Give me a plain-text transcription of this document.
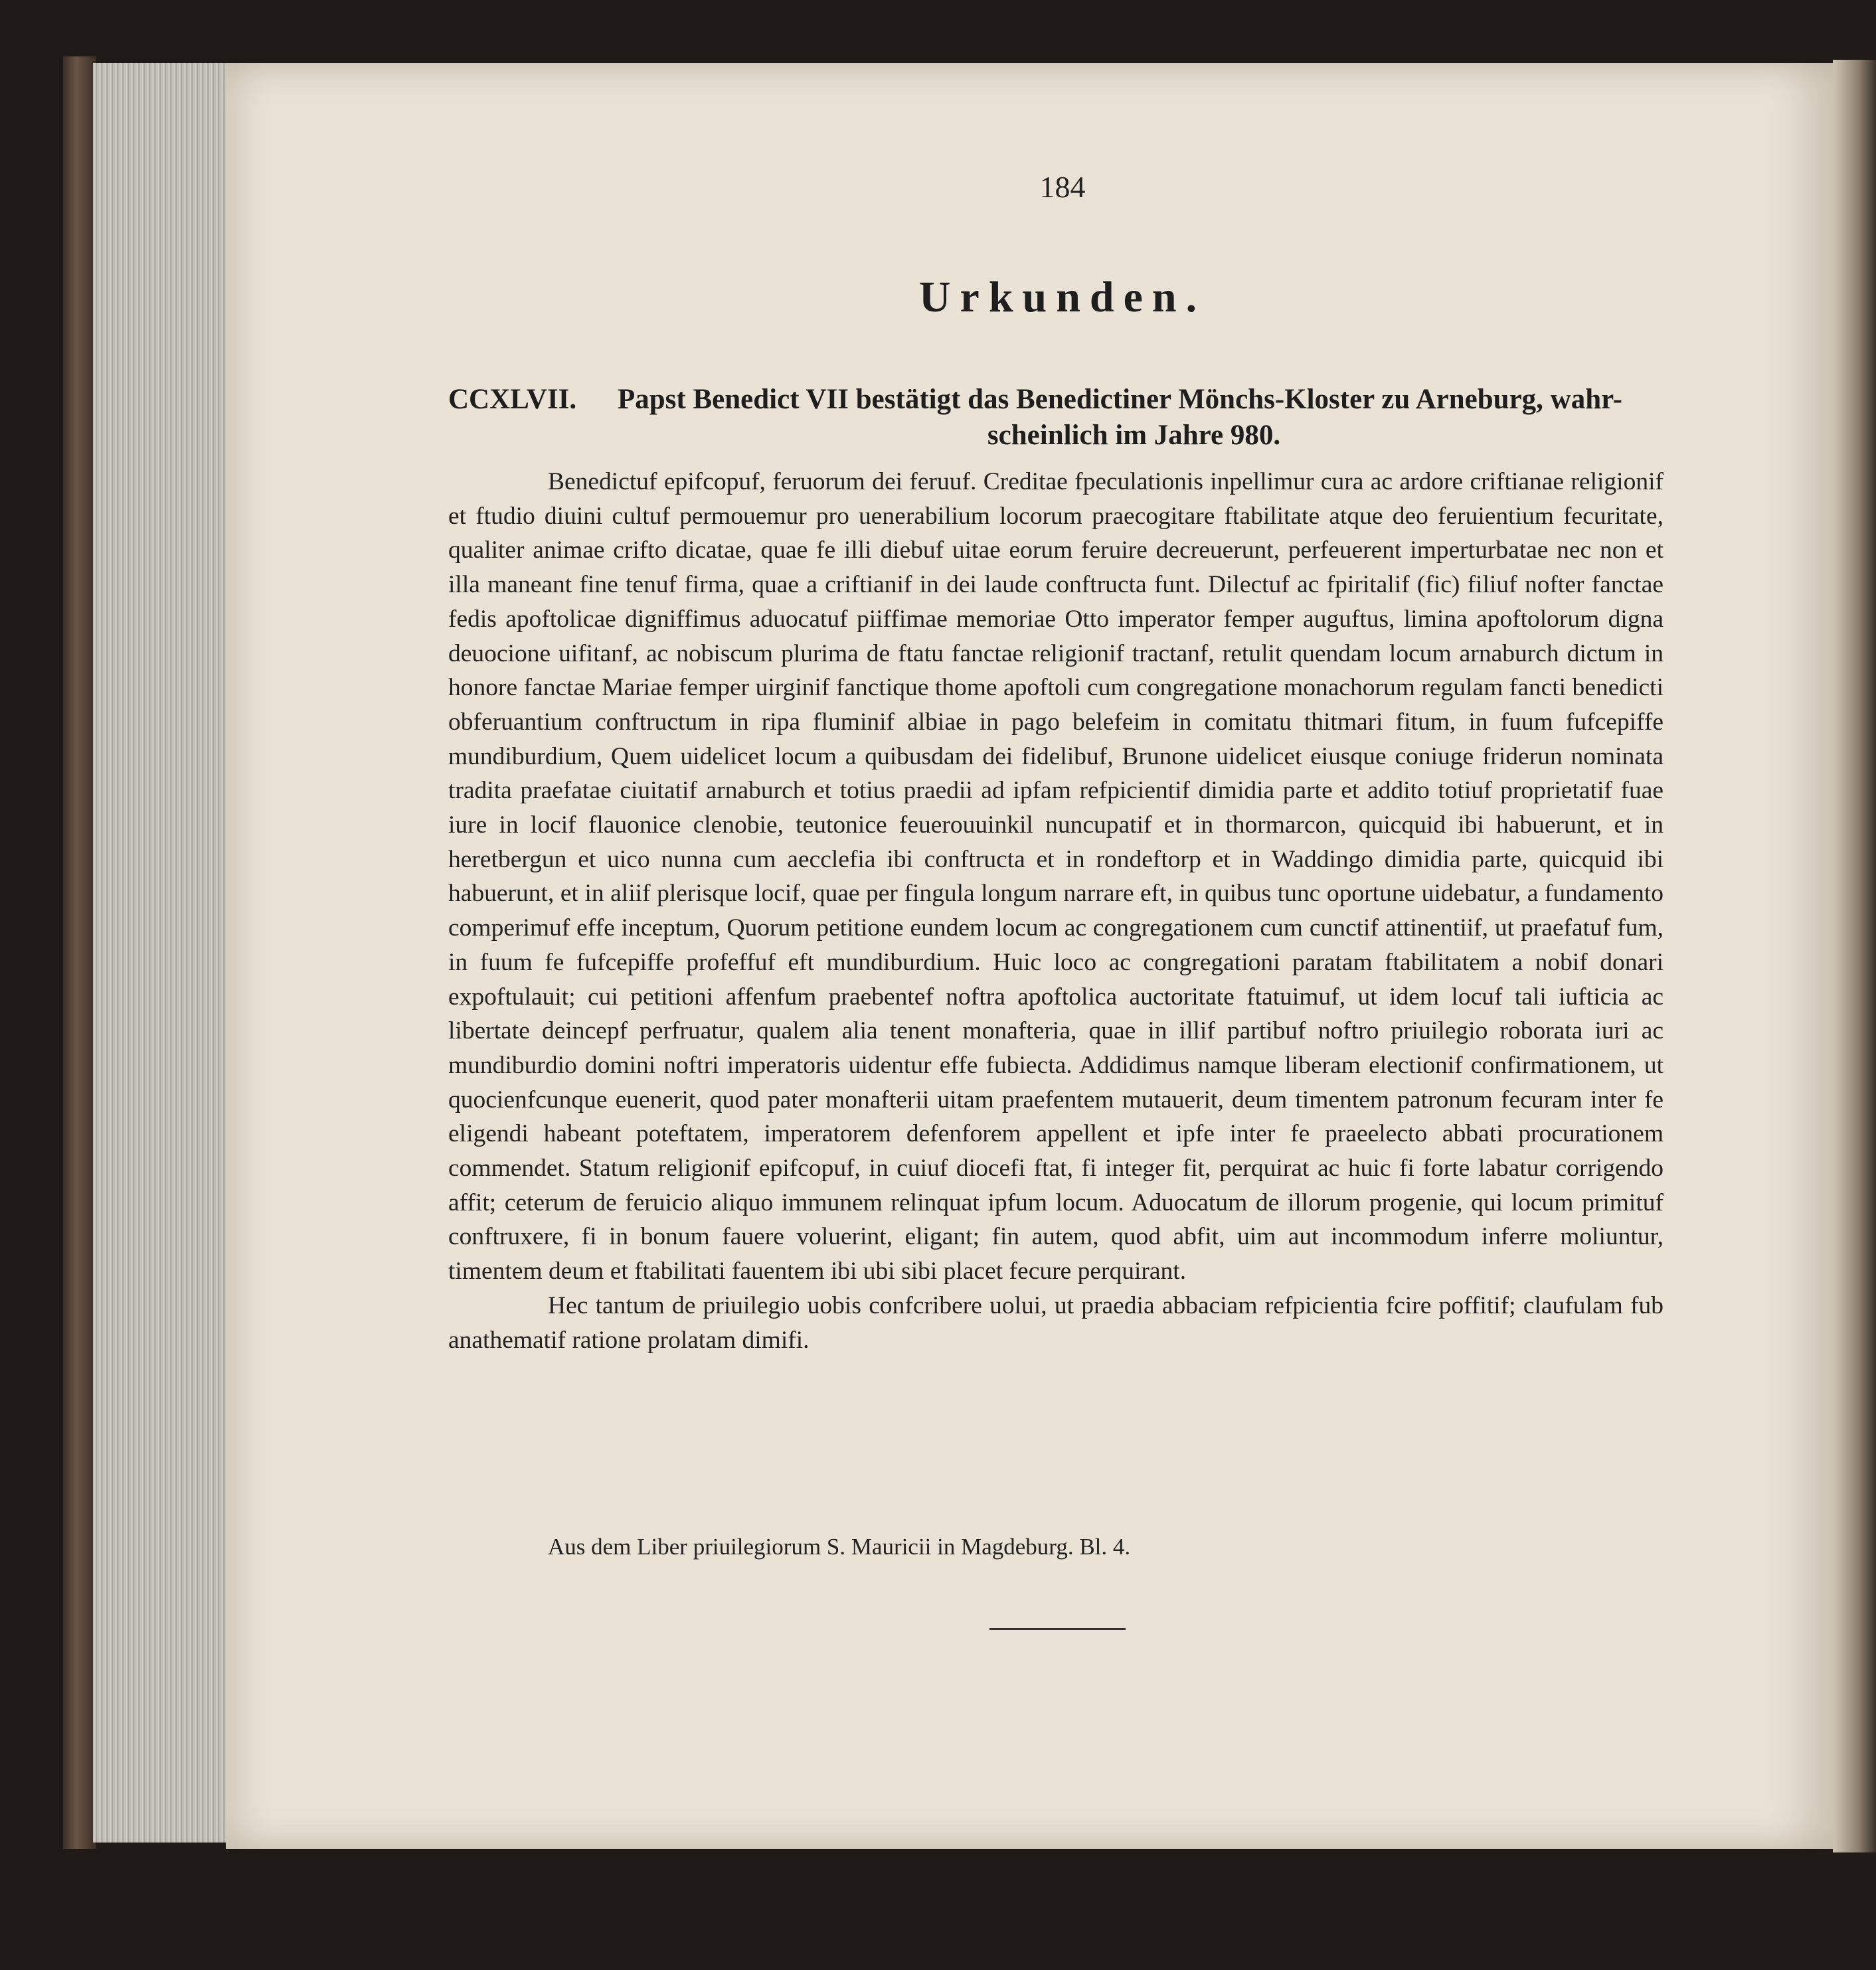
184
Urkunden.
CCXLVII. Papst Benedict VII bestätigt das Benedictiner Mönchs-Kloster zu Arneburg, wahr-
scheinlich im Jahre 980.

Benedictuf epifcopuf, feruorum dei feruuf. Creditae fpeculationis inpellimur cura ac ardore criftianae religionif et ftudio diuini cultuf permouemur pro uenerabilium locorum praecogitare ftabilitate atque deo feruientium fecuritate, qualiter animae crifto dicatae, quae fe illi diebuf uitae eorum feruire decreuerunt, perfeuerent imperturbatae nec non et illa maneant fine tenuf firma, quae a criftianif in dei laude conftructa funt. Dilectuf ac fpiritalif (fic) filiuf nofter fanctae fedis apoftolicae digniffimus aduocatuf piiffimae memoriae Otto imperator femper auguftus, limina apoftolorum digna deuocione uifitanf, ac nobiscum plurima de ftatu fanctae religionif tractanf, retulit quendam locum arnaburch dictum in honore fanctae Mariae femper uirginif fanctique thome apoftoli cum congregatione monachorum regulam fancti benedicti obferuantium conftructum in ripa fluminif albiae in pago belefeim in comitatu thitmari fitum, in fuum fufcepiffe mundiburdium, Quem uidelicet locum a quibusdam dei fidelibuf, Brunone uidelicet eiusque coniuge friderun nominata tradita praefatae ciuitatif arnaburch et totius praedii ad ipfam refpicientif dimidia parte et addito totiuf proprietatif fuae iure in locif flauonice clenobie, teutonice feuerouuinkil nuncupatif et in thormarcon, quicquid ibi habuerunt, et in heretbergun et uico nunna cum aecclefia ibi conftructa et in rondeftorp et in Waddingo dimidia parte, quicquid ibi habuerunt, et in aliif plerisque locif, quae per fingula longum narrare eft, in quibus tunc oportune uidebatur, a fundamento comperimuf effe inceptum, Quorum petitione eundem locum ac congregationem cum cunctif attinentiif, ut praefatuf fum, in fuum fe fufcepiffe profeffuf eft mundiburdium. Huic loco ac congregationi paratam ftabilitatem a nobif donari expoftulauit; cui petitioni affenfum praebentef noftra apoftolica auctoritate ftatuimuf, ut idem locuf tali iufticia ac libertate deincepf perfruatur, qualem alia tenent monafteria, quae in illif partibuf noftro priuilegio roborata iuri ac mundiburdio domini noftri imperatoris uidentur effe fubiecta. Addidimus namque liberam electionif confirmationem, ut quocienfcunque euenerit, quod pater monafterii uitam praefentem mutauerit, deum timentem patronum fecuram inter fe eligendi habeant poteftatem, imperatorem defenforem appellent et ipfe inter fe praeelecto abbati procurationem commendet. Statum religionif epifcopuf, in cuiuf diocefi ftat, fi integer fit, perquirat ac huic fi forte labatur corrigendo affit; ceterum de feruicio aliquo immunem relinquat ipfum locum. Aduocatum de illorum progenie, qui locum primituf conftruxere, fi in bonum fauere voluerint, eligant; fin autem, quod abfit, uim aut incommodum inferre moliuntur, timentem deum et ftabilitati fauentem ibi ubi sibi placet fecure perquirant.

Hec tantum de priuilegio uobis confcribere uolui, ut praedia abbaciam refpicientia fcire poffitif; claufulam fub anathematif ratione prolatam dimifi.

Aus dem Liber priuilegiorum S. Mauricii in Magdeburg. Bl. 4.
